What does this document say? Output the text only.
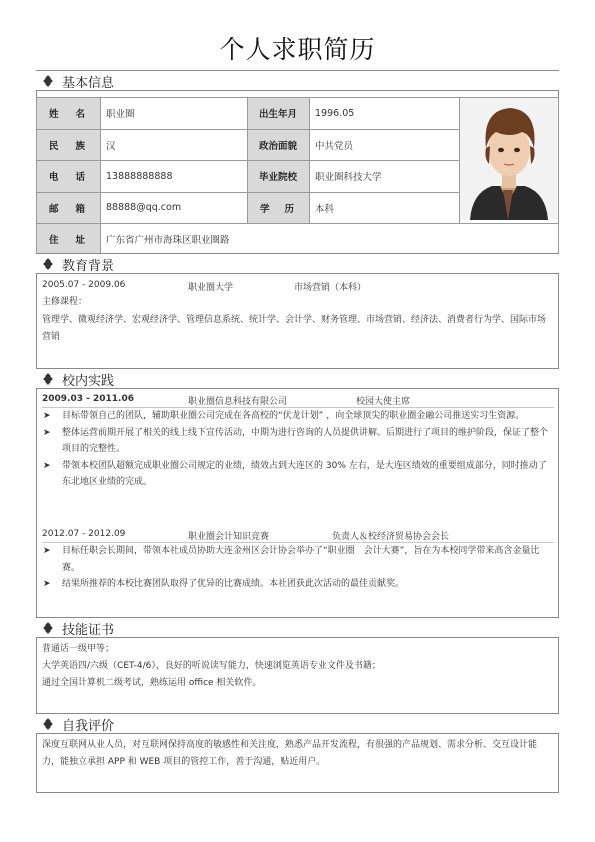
个人求职简历
基本信息
姓 名	职业圈	出生年月	1996.05	

民 族	汉	政治面貌	中共党员	

电 话	13888888888	毕业院校	职业圈科技大学	

邮 箱	88888@qq.com	学 历	本科	

住 址	广东省广州市海珠区职业圈路			
教育背景
2005.07 - 2009.06	职业圈大学	市场营销（本科）
主修课程：
管理学、微观经济学、宏观经济学、管理信息系统、统计学、会计学、财务管理、市场营销、经济法、消费者行为学、国际市场营销
校内实践
2009.03 - 2011.06	职业圈信息科技有限公司	校园大使主席
➤ 目标带领自己的团队，辅助职业圈公司完成在各高校的“伏龙计划” ，向全球顶尖的职业圈金融公司推送实习生资源。
➤ 整体运营前期开展了相关的线上线下宣传活动，中期为进行咨询的人员提供讲解。后期进行了项目的维护阶段，保证了整个项目的完整性。
➤ 带领本校团队超额完成职业圈公司规定的业绩，绩效占到大连区的 30% 左右，是大连区绩效的重要组成部分，同时推动了东北地区业绩的完成。
2012.07 - 2012.09	职业圈会计知识竞赛	负责人＆校经济贸易协会会长
➤ 目标任职会长期间，带领本社成员协助大连金州区会计协会举办了“职业圈　会计大赛”，旨在为本校同学带来高含金量比赛。
➤ 结果所推荐的本校比赛团队取得了优异的比赛成绩。本社团获此次活动的最佳贡献奖。
技能证书
普通话一级甲等；
大学英语四/六级（CET-4/6），良好的听说读写能力，快速浏览英语专业文件及书籍；
通过全国计算机二级考试，熟练运用 office 相关软件。
自我评价
深度互联网从业人员，对互联网保持高度的敏感性和关注度，熟悉产品开发流程，有很强的产品规划、需求分析、交互设计能力，能独立承担 APP 和 WEB 项目的管控工作，善于沟通，贴近用户。
